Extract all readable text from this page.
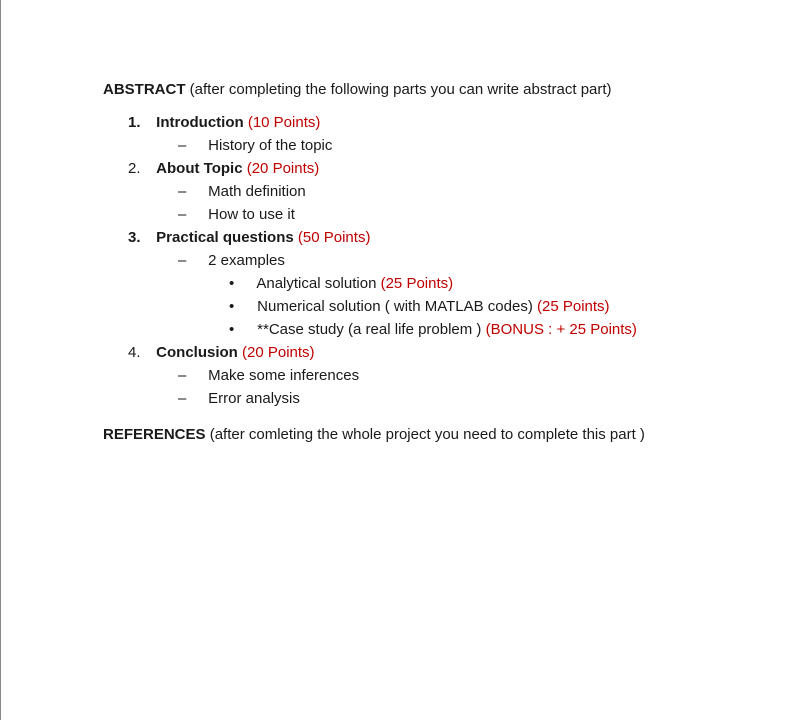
ABSTRACT (after completing the following parts you can write abstract part)
1. Introduction (10 Points)
– History of the topic
2. About Topic (20 Points)
– Math definition
– How to use it
3. Practical questions (50 Points)
– 2 examples
• Analytical solution (25 Points)
• Numerical solution ( with MATLAB codes) (25 Points)
• **Case study (a real life problem ) (BONUS : + 25 Points)
4. Conclusion (20 Points)
– Make some inferences
– Error analysis
REFERENCES (after comleting the whole project you need to complete this part )
